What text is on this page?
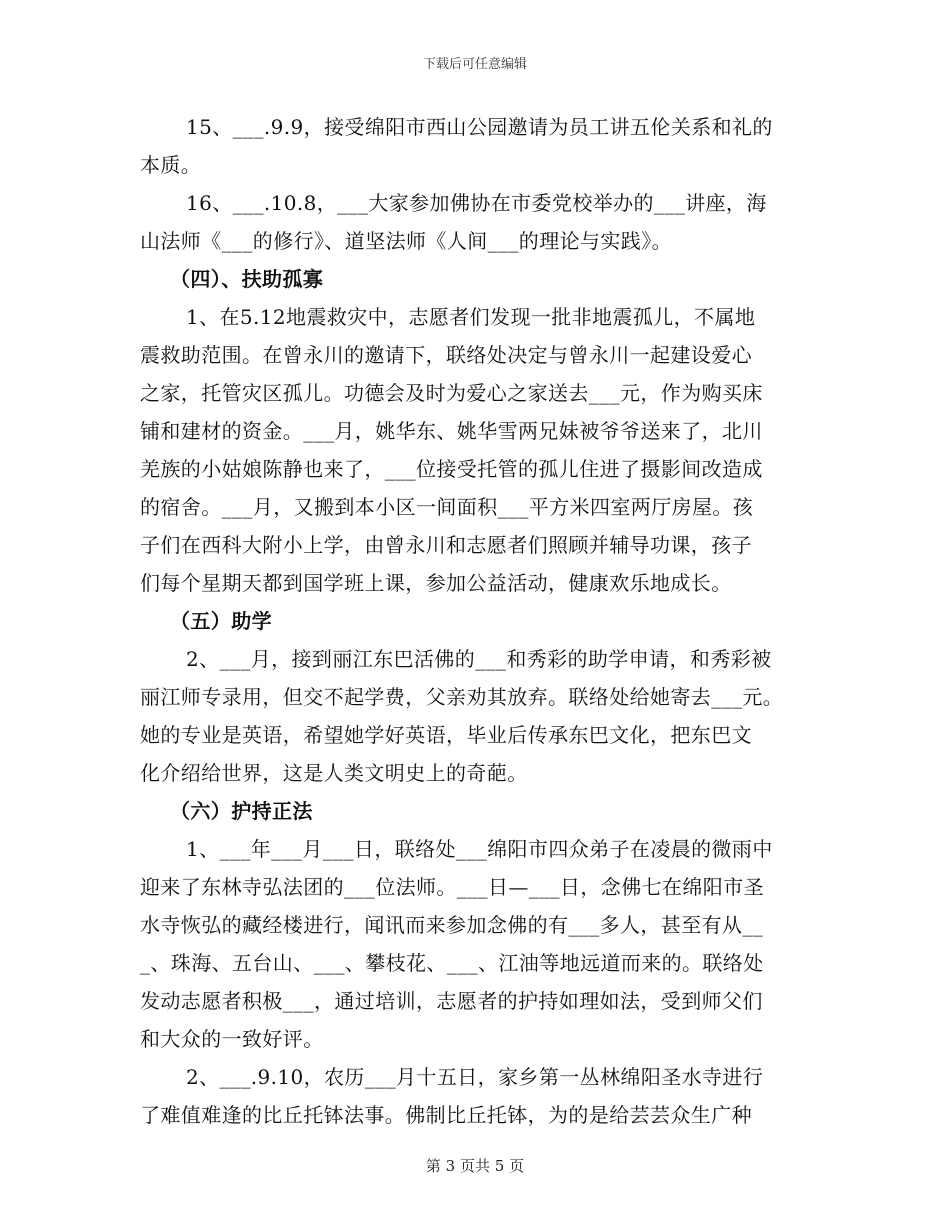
下载后可任意编辑
15、___.9.9，接受绵阳市西山公园邀请为员工讲五伦关系和礼的
本质。
16、___.10.8，___大家参加佛协在市委党校举办的___讲座，海
山法师《___的修行》、道坚法师《人间___的理论与实践》。
（四）、扶助孤寡
1、在5.12地震救灾中，志愿者们发现一批非地震孤儿，不属地
震救助范围。在曾永川的邀请下，联络处决定与曾永川一起建设爱心
之家，托管灾区孤儿。功德会及时为爱心之家送去___元，作为购买床
铺和建材的资金。___月，姚华东、姚华雪两兄妹被爷爷送来了，北川
羌族的小姑娘陈静也来了，___位接受托管的孤儿住进了摄影间改造成
的宿舍。___月，又搬到本小区一间面积___平方米四室两厅房屋。孩
子们在西科大附小上学，由曾永川和志愿者们照顾并辅导功课，孩子
们每个星期天都到国学班上课，参加公益活动，健康欢乐地成长。
（五）助学
2、___月，接到丽江东巴活佛的___和秀彩的助学申请，和秀彩被
丽江师专录用，但交不起学费，父亲劝其放弃。联络处给她寄去___元。
她的专业是英语，希望她学好英语，毕业后传承东巴文化，把东巴文
化介绍给世界，这是人类文明史上的奇葩。
（六）护持正法
1、___年___月___日，联络处___绵阳市四众弟子在凌晨的微雨中
迎来了东林寺弘法团的___位法师。___日—___日，念佛七在绵阳市圣
水寺恢弘的藏经楼进行，闻讯而来参加念佛的有___多人，甚至有从__
_、珠海、五台山、___、攀枝花、___、江油等地远道而来的。联络处
发动志愿者积极___，通过培训，志愿者的护持如理如法，受到师父们
和大众的一致好评。
2、___.9.10，农历___月十五日，家乡第一丛林绵阳圣水寺进行
了难值难逢的比丘托钵法事。佛制比丘托钵，为的是给芸芸众生广种
第 3 页共 5 页
